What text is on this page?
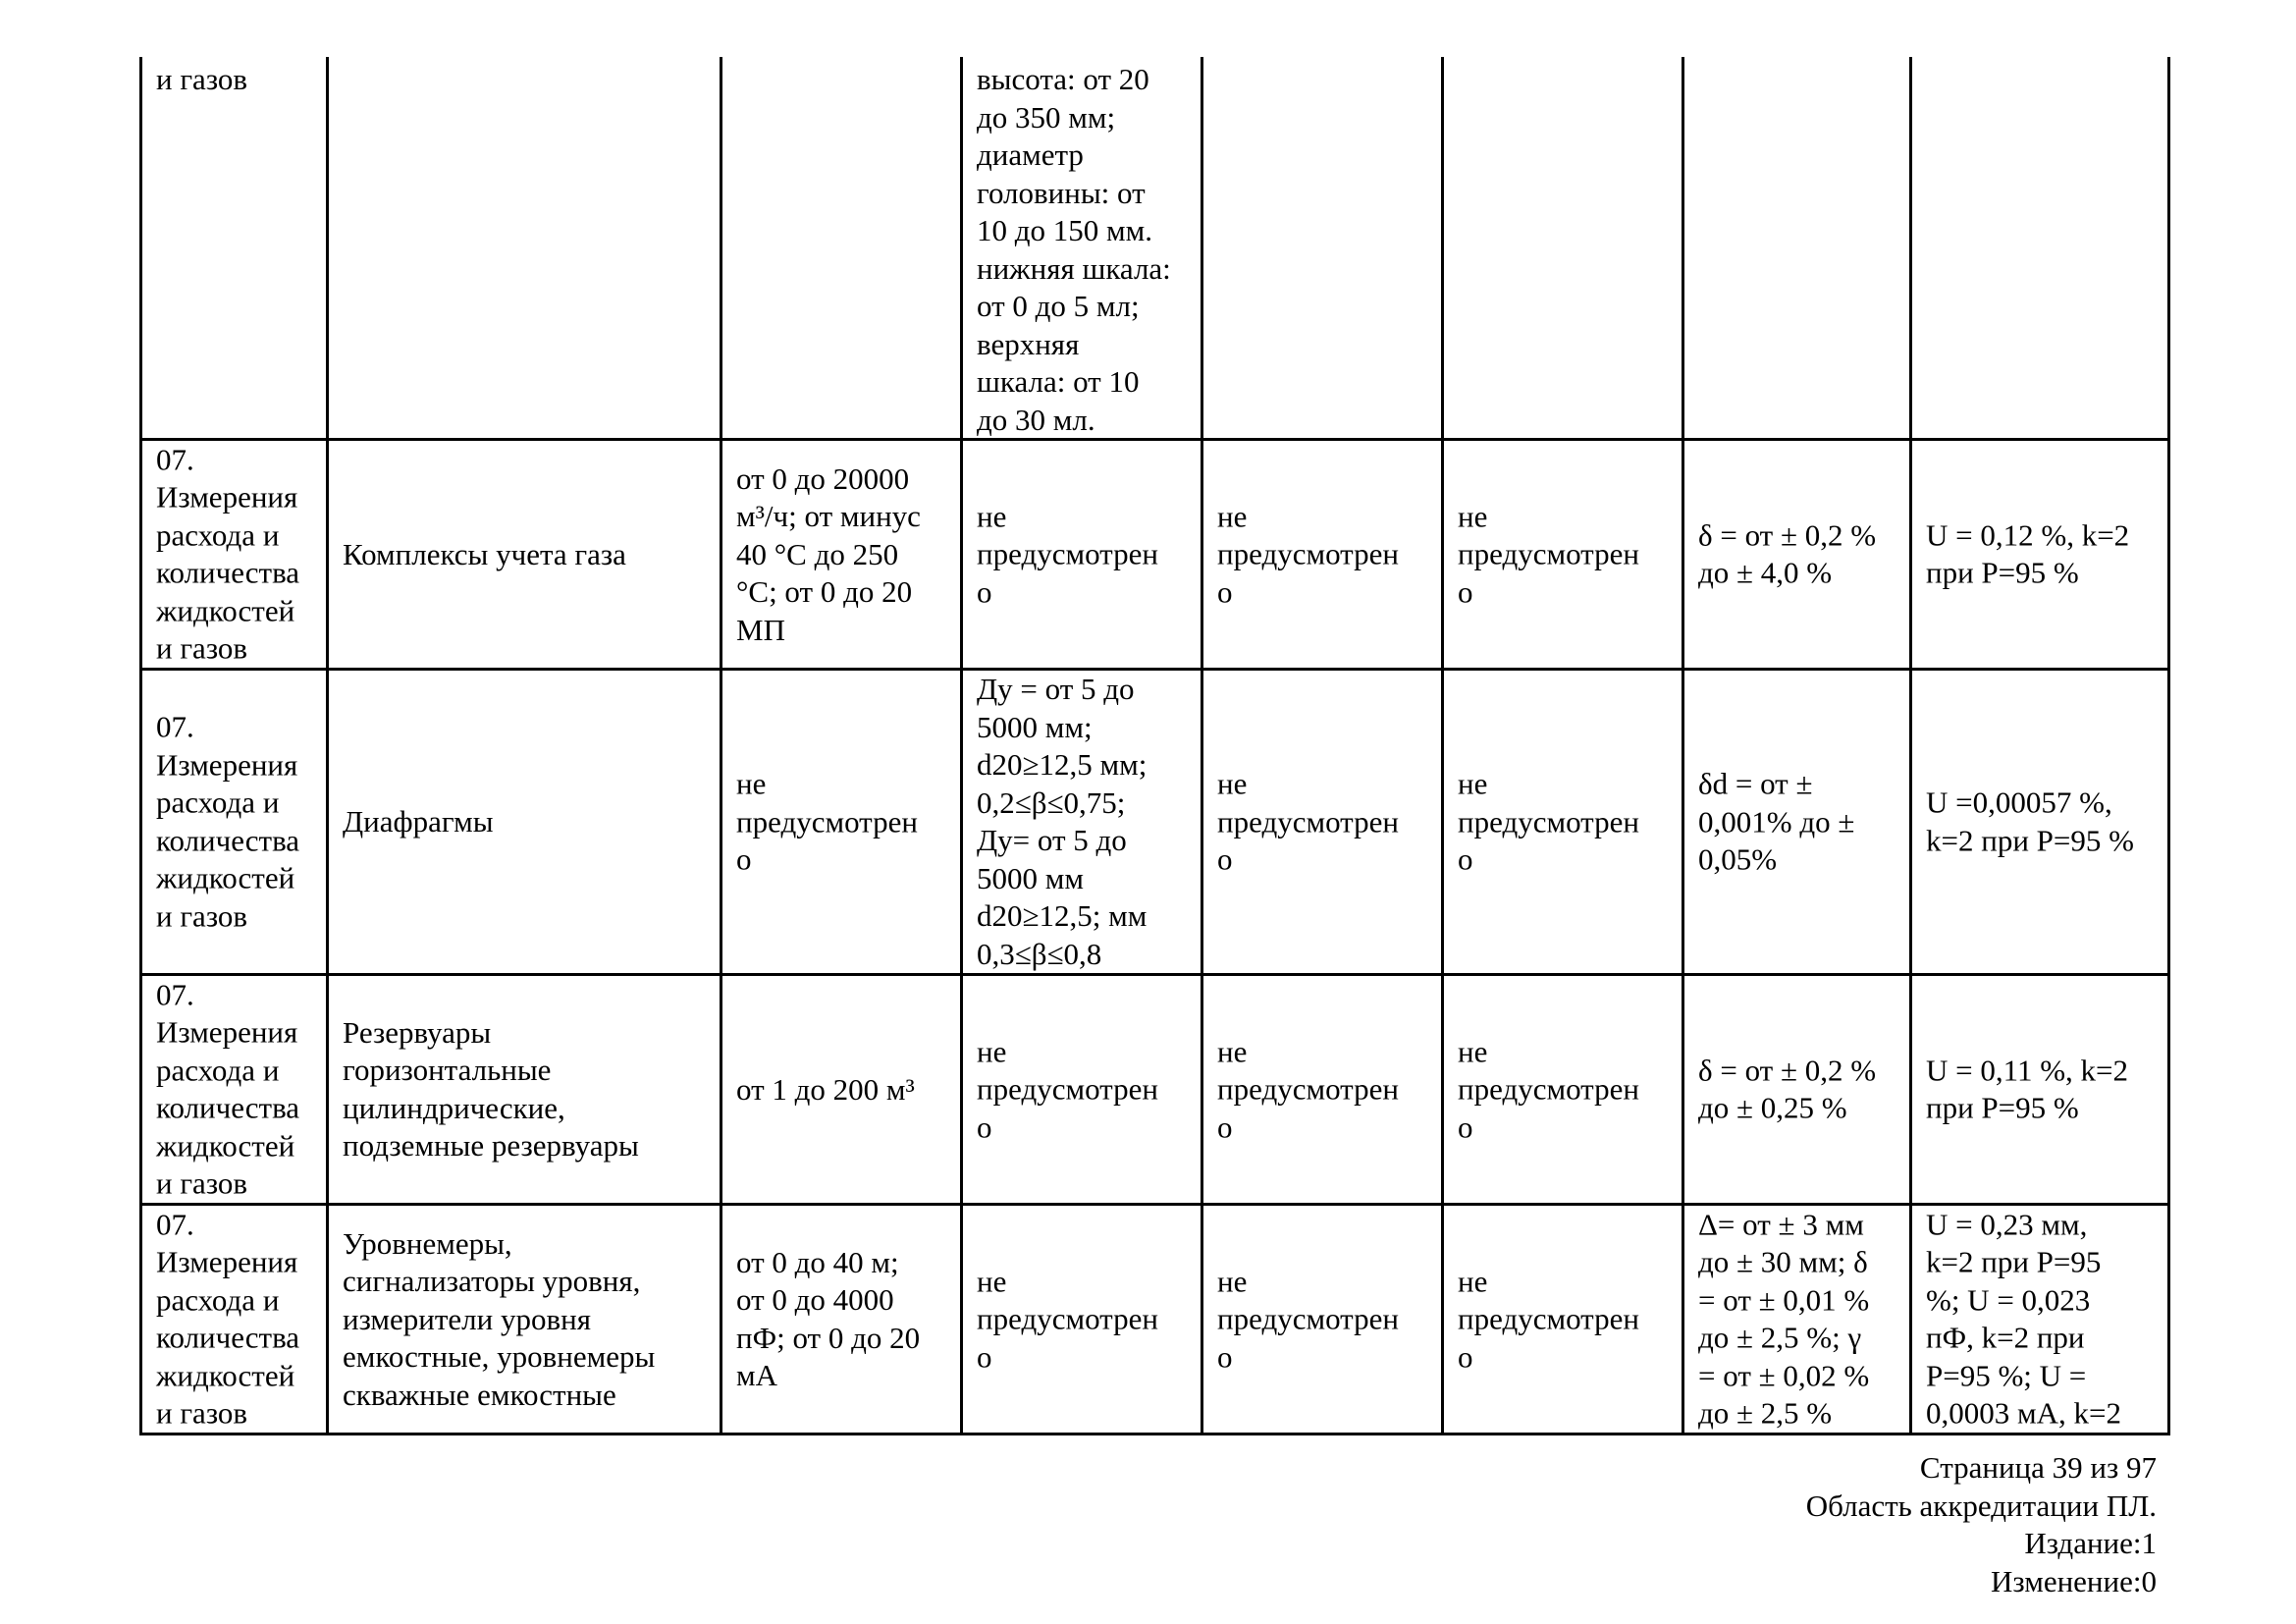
и газов	высота: от 20
до 350 мм;
диаметр
головины: от
10 до 150 мм.
нижняя шкала:
от 0 до 5 мл;
верхняя
шкала: от 10
до 30 мл.
07.
Измерения
расхода и
количества
жидкостей
и газов
Комплексы учета газа
от 0 до 20000
м³/ч; от минус
40 °С до 250
°С; от 0 до 20
МП
не
предусмотрен
о
не
предусмотрен
о
не
предусмотрен
о
δ = от ± 0,2 %
до ± 4,0 %
U = 0,12 %, k=2
при P=95 %
07.
Измерения
расхода и
количества
жидкостей
и газов
Диафрагмы
не
предусмотрен
о
Ду = от 5 до
5000 мм;
d20≥12,5 мм;
0,2≤β≤0,75;
Ду= от 5 до
5000 мм
d20≥12,5; мм
0,3≤β≤0,8
не
предусмотрен
о
не
предусмотрен
о
δd = от ±
0,001% до ±
0,05%
U =0,00057 %,
k=2 при P=95 %
07.
Измерения
расхода и
количества
жидкостей
и газов
Резервуары
горизонтальные
цилиндрические,
подземные резервуары
от 1 до 200 м³
не
предусмотрен
о
не
предусмотрен
о
не
предусмотрен
о
δ = от ± 0,2 %
до ± 0,25 %
U = 0,11 %, k=2
при P=95 %
07.
Измерения
расхода и
количества
жидкостей
и газов
Уровнемеры,
сигнализаторы уровня,
измерители уровня
емкостные, уровнемеры
скважные емкостные
от 0 до 40 м;
от 0 до 4000
пФ; от 0 до 20
мА
не
предусмотрен
о
не
предусмотрен
о
не
предусмотрен
о
Δ= от ± 3 мм
до ± 30 мм; δ
= от ± 0,01 %
до ± 2,5 %; γ
= от ± 0,02 %
до ± 2,5 %
U = 0,23 мм,
k=2 при P=95
%; U = 0,023
пФ, k=2 при
P=95 %; U =
0,0003 мА, k=2
Страница 39 из 97
Область аккредитации ПЛ.
Издание:1
Изменение:0
